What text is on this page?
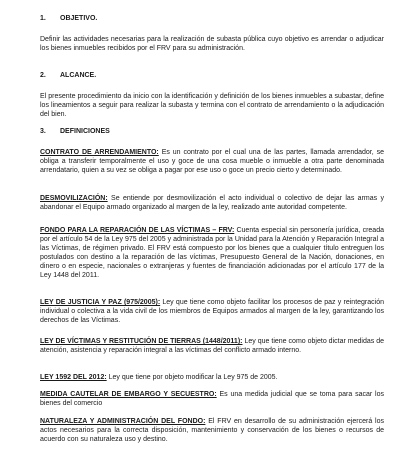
1. OBJETIVO.

Definir las actividades necesarias para la realización de subasta pública cuyo objetivo es arrendar o adjudicar los bienes inmuebles recibidos por el FRV para su administración.

2. ALCANCE.

El presente procedimiento da inicio con la identificación y definición de los bienes inmuebles a subastar, define los lineamientos a seguir para realizar la subasta y termina con el contrato de arrendamiento o la adjudicación del bien.

3. DEFINICIONES

CONTRATO DE ARRENDAMIENTO: Es un contrato por el cual una de las partes, llamada arrendador, se obliga a transferir temporalmente el uso y goce de una cosa mueble o inmueble a otra parte denominada arrendatario, quien a su vez se obliga a pagar por ese uso o goce un precio cierto y determinado.

DESMOVILIZACIÓN: Se entiende por desmovilización el acto individual o colectivo de dejar las armas y abandonar el Equipo armado organizado al margen de la ley, realizado ante autoridad competente.

FONDO PARA LA REPARACIÓN DE LAS VÍCTIMAS – FRV: Cuenta especial sin personería jurídica, creada por el artículo 54 de la Ley 975 del 2005 y administrada por la Unidad para la Atención y Reparación Integral a las Víctimas, de régimen privado. El FRV está compuesto por los bienes que a cualquier título entreguen los postulados con destino a la reparación de las víctimas, Presupuesto General de la Nación, donaciones, en dinero o en especie, nacionales o extranjeras y fuentes de financiación adicionadas por el artículo 177 de la Ley 1448 del 2011.

LEY DE JUSTICIA Y PAZ (975/2005): Ley que tiene como objeto facilitar los procesos de paz y reintegración individual o colectiva a la vida civil de los miembros de Equipos armados al margen de la ley, garantizando los derechos de las Víctimas.

LEY DE VÍCTIMAS Y RESTITUCIÓN DE TIERRAS (1448/2011): Ley que tiene como objeto dictar medidas de atención, asistencia y reparación integral a las víctimas del conflicto armado interno.

LEY 1592 DEL 2012: Ley que tiene por objeto modificar la Ley 975 de 2005.

MEDIDA CAUTELAR DE EMBARGO Y SECUESTRO: Es una medida judicial que se toma para sacar los bienes del comercio

NATURALEZA Y ADMINISTRACIÓN DEL FONDO: El FRV en desarrollo de su administración ejercerá los actos necesarios para la correcta disposición, mantenimiento y conservación de los bienes o recursos de acuerdo con su naturaleza uso y destino.
